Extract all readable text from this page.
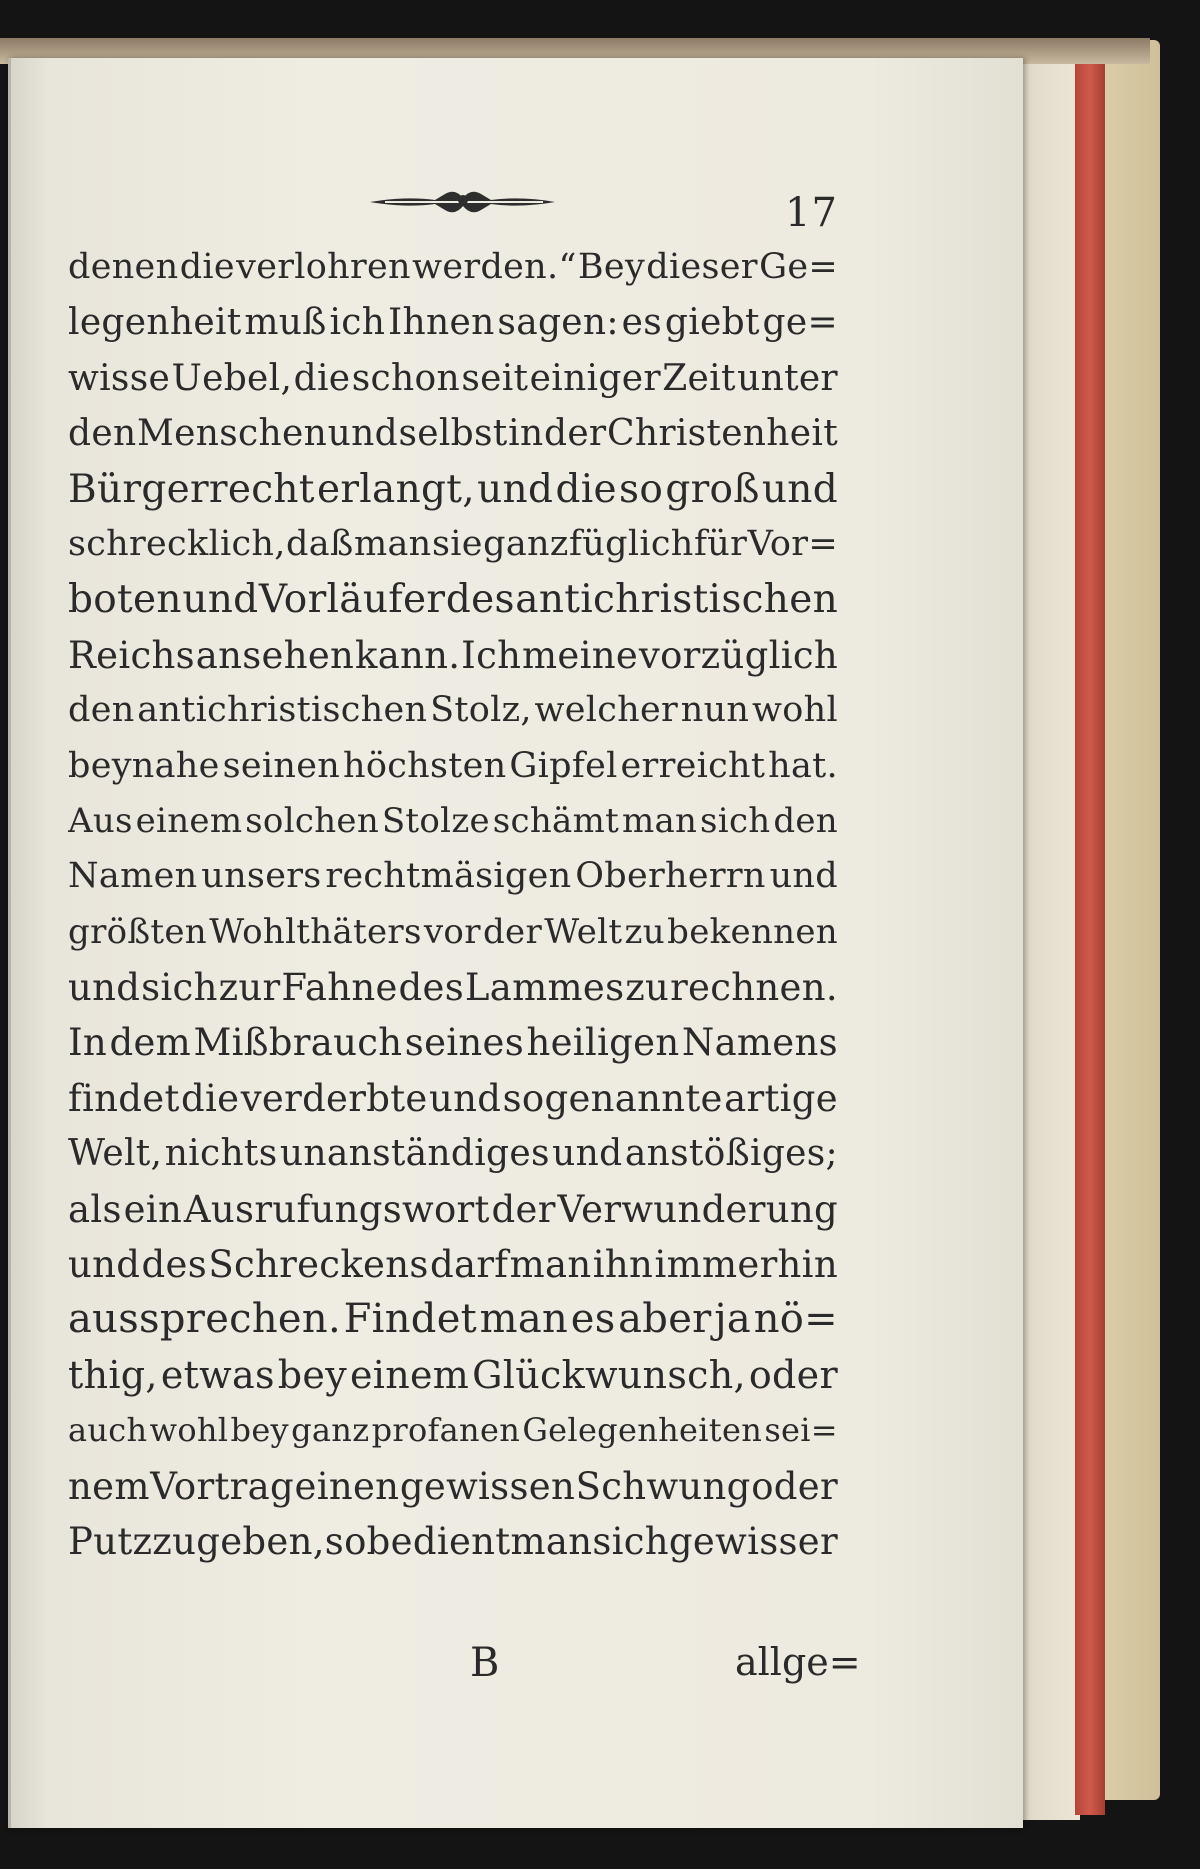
17
denen die verlohren werden.“ Bey dieser Ge=
legenheit muß ich Ihnen sagen: es giebt ge=
wisse Uebel, die schon seit einiger Zeit unter
den Menschen und selbst in der Christenheit
Bürgerrecht erlangt, und die so groß und
schrecklich, daß man sie ganz füglich für Vor=
boten und Vorläufer des antichristischen
Reichs ansehen kann. Ich meine vorzüglich
den antichristischen Stolz, welcher nun wohl
beynahe seinen höchsten Gipfel erreicht hat.
Aus einem solchen Stolze schämt man sich den
Namen unsers rechtmäsigen Oberherrn und
größten Wohlthäters vor der Welt zu bekennen
und sich zur Fahne des Lammes zu rechnen.
In dem Mißbrauch seines heiligen Namens
findet die verderbte und sogenannte artige
Welt, nichts unanständiges und anstößiges;
als ein Ausrufungswort der Verwunderung
und des Schreckens darf man ihn immerhin
aussprechen. Findet man es aber ja nö=
thig, etwas bey einem Glückwunsch, oder
auch wohl bey ganz profanen Gelegenheiten sei=
nem Vortrag einen gewissen Schwung oder
Putz zu geben, so bedient man sich gewisser
B	allge=
